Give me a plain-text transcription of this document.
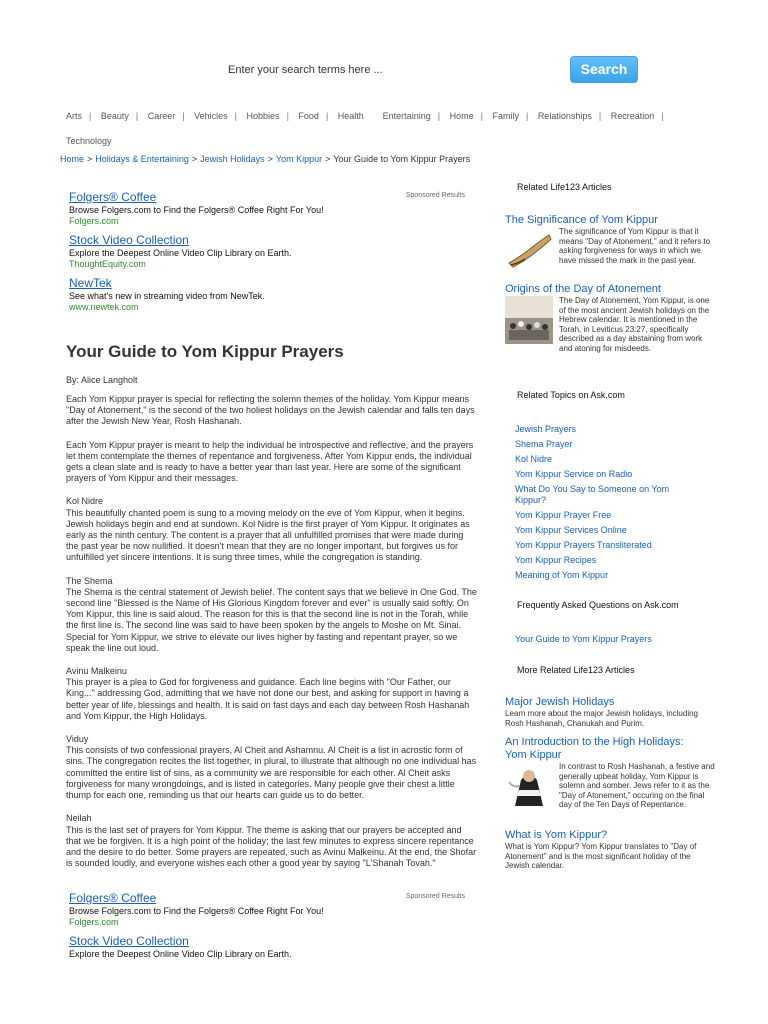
Enter your search terms here ...
Search
Arts | Beauty | Career | Vehicles | Hobbies | Food | Health Entertaining | Home | Family | Relationships | Recreation |
Technology
Home > Holidays & Entertaining > Jewish Holidays > Yom Kippur > Your Guide to Yom Kippur Prayers
Sponsored Results
Folgers® Coffee
Browse Folgers.com to Find the Folgers® Coffee Right For You!
Folgers.com
Stock Video Collection
Explore the Deepest Online Video Clip Library on Earth.
ThoughtEquity.com
NewTek
See what's new in streaming video from NewTek.
www.newtek.com
Your Guide to Yom Kippur Prayers
By: Alice Langholt

Each Yom Kippur prayer is special for reflecting the solemn themes of the holiday. Yom Kippur means "Day of Atonement," is the second of the two holiest holidays on the Jewish calendar and falls ten days after the Jewish New Year, Rosh Hashanah.

Each Yom Kippur prayer is meant to help the individual be introspective and reflective, and the prayers let them contemplate the themes of repentance and forgiveness. After Yom Kippur ends, the individual gets a clean slate and is ready to have a better year than last year. Here are some of the significant prayers of Yom Kippur and their messages.

Kol Nidre
This beautifully chanted poem is sung to a moving melody on the eve of Yom Kippur, when it begins. Jewish holidays begin and end at sundown. Kol Nidre is the first prayer of Yom Kippur. It originates as early as the ninth century. The content is a prayer that all unfulfilled promises that were made during the past year be now nullified. It doesn't mean that they are no longer important, but forgives us for unfulfilled yet sincere intentions. It is sung three times, while the congregation is standing.

The Shema
The Shema is the central statement of Jewish belief. The content says that we believe in One God. The second line "Blessed is the Name of His Glorious Kingdom forever and ever" is usually said softly. On Yom Kippur, this line is said aloud. The reason for this is that the second line is not in the Torah, while the first line is. The second line was said to have been spoken by the angels to Moshe on Mt. Sinai. Special for Yom Kippur, we strive to elevate our lives higher by fasting and repentant prayer, so we speak the line out loud.

Avinu Malkeinu
This prayer is a plea to God for forgiveness and guidance. Each line begins with "Our Father, our King..." addressing God, admitting that we have not done our best, and asking for support in having a better year of life, blessings and health. It is said on fast days and each day between Rosh Hashanah and Yom Kippur, the High Holidays.

Viduy
This consists of two confessional prayers, Al Cheit and Ashamnu. Al Cheit is a list in acrostic form of sins. The congregation recites the list together, in plural, to illustrate that although no one individual has committed the entire list of sins, as a community we are responsible for each other. Al Cheit asks forgiveness for many wrongdoings, and is listed in categories. Many people give their chest a little thump for each one, reminding us that our hearts can guide us to do better.

Neilah
This is the last set of prayers for Yom Kippur. The theme is asking that our prayers be accepted and that we be forgiven. It is a high point of the holiday; the last few minutes to express sincere repentance and the desire to do better. Some prayers are repeated, such as Avinu Malkeinu. At the end, the Shofar is sounded loudly, and everyone wishes each other a good year by saying "L'Shanah Tovah."

Sponsored Results
Folgers® Coffee
Browse Folgers.com to Find the Folgers® Coffee Right For You!
Folgers.com
Stock Video Collection
Explore the Deepest Online Video Clip Library on Earth.
Related Life123 Articles
The Significance of Yom Kippur
The significance of Yom Kippur is that it means "Day of Atonement," and it refers to asking forgiveness for ways in which we have missed the mark in the past year.
Origins of the Day of Atonement
The Day of Atonement, Yom Kippur, is one of the most ancient Jewish holidays on the Hebrew calendar. It is mentioned in the Torah, in Leviticus 23:27, specifically described as a day abstaining from work and atoning for misdeeds.
Related Topics on Ask.com
Jewish Prayers
Shema Prayer
Kol Nidre
Yom Kippur Service on Radio
What Do You Say to Someone on Yom Kippur?
Yom Kippur Prayer Free
Yom Kippur Services Online
Yom Kippur Prayers Transliterated
Yom Kippur Recipes
Meaning of Yom Kippur
Frequently Asked Questions on Ask.com
Your Guide to Yom Kippur Prayers
More Related Life123 Articles
Major Jewish Holidays
Learn more about the major Jewish holidays, including Rosh Hashanah, Chanukah and Purim.
An Introduction to the High Holidays: Yom Kippur
In contrast to Rosh Hashanah, a festive and generally upbeat holiday, Yom Kippur is solemn and somber. Jews refer to it as the "Day of Atonement," occuring on the final day of the Ten Days of Repentance.
What is Yom Kippur?
What is Yom Kippur? Yom Kippur translates to "Day of Atonement" and is the most significant holiday of the Jewish calendar.
